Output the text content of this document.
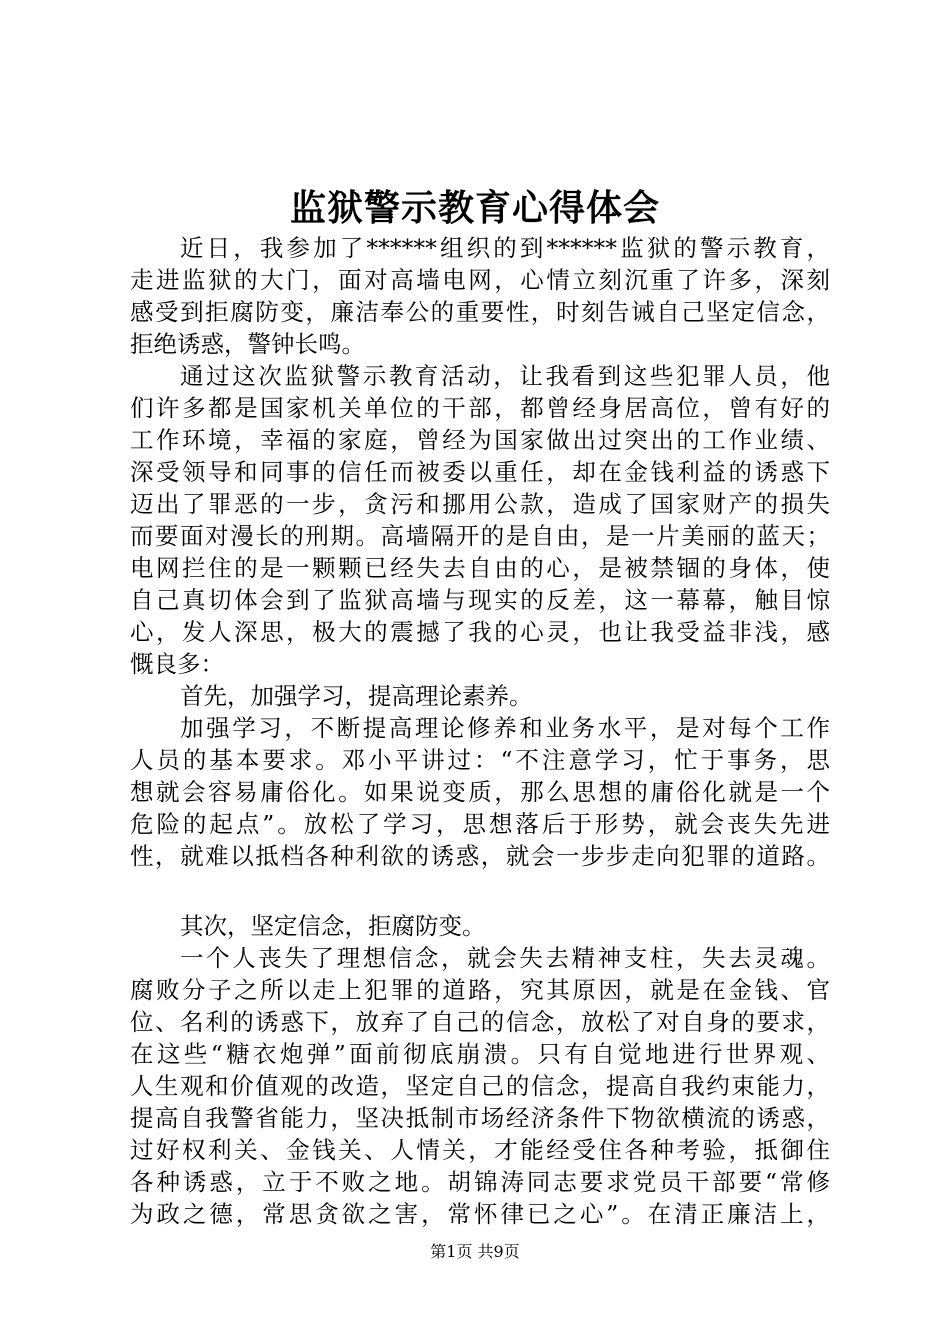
监狱警示教育心得体会
近日，我参加了******组织的到******监狱的警示教育，
走进监狱的大门，面对高墙电网，心情立刻沉重了许多，深刻
感受到拒腐防变，廉洁奉公的重要性，时刻告诫自己坚定信念，
拒绝诱惑，警钟长鸣。
通过这次监狱警示教育活动，让我看到这些犯罪人员，他
们许多都是国家机关单位的干部，都曾经身居高位，曾有好的
工作环境，幸福的家庭，曾经为国家做出过突出的工作业绩、
深受领导和同事的信任而被委以重任，却在金钱利益的诱惑下
迈出了罪恶的一步，贪污和挪用公款，造成了国家财产的损失
而要面对漫长的刑期。高墙隔开的是自由，是一片美丽的蓝天；
电网拦住的是一颗颗已经失去自由的心，是被禁锢的身体，使
自己真切体会到了监狱高墙与现实的反差，这一幕幕，触目惊
心，发人深思，极大的震撼了我的心灵，也让我受益非浅，感
慨良多：
首先，加强学习，提高理论素养。
加强学习，不断提高理论修养和业务水平，是对每个工作
人员的基本要求。邓小平讲过：“不注意学习，忙于事务，思
想就会容易庸俗化。如果说变质，那么思想的庸俗化就是一个
危险的起点”。放松了学习，思想落后于形势，就会丧失先进
性，就难以抵档各种利欲的诱惑，就会一步步走向犯罪的道路。
其次，坚定信念，拒腐防变。
一个人丧失了理想信念，就会失去精神支柱，失去灵魂。
腐败分子之所以走上犯罪的道路，究其原因，就是在金钱、官
位、名利的诱惑下，放弃了自己的信念，放松了对自身的要求，
在这些“糖衣炮弹”面前彻底崩溃。只有自觉地进行世界观、
人生观和价值观的改造，坚定自己的信念，提高自我约束能力，
提高自我警省能力，坚决抵制市场经济条件下物欲横流的诱惑，
过好权利关、金钱关、人情关，才能经受住各种考验，抵御住
各种诱惑，立于不败之地。胡锦涛同志要求党员干部要“常修
为政之德，常思贪欲之害，常怀律已之心”。在清正廉洁上，
第1页 共9页
